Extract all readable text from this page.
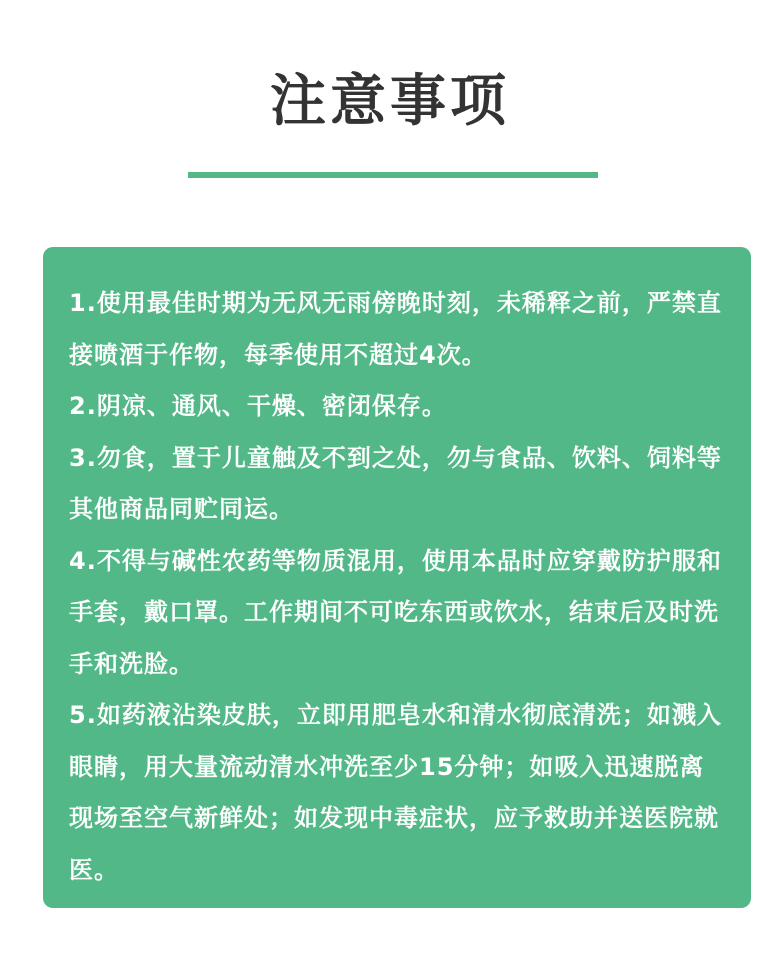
注意事项
1.使用最佳时期为无风无雨傍晚时刻，未稀释之前，严禁直接喷酒于作物，每季使用不超过4次。
2.阴凉、通风、干燥、密闭保存。
3.勿食，置于儿童触及不到之处，勿与食品、饮料、饲料等其他商品同贮同运。
4.不得与碱性农药等物质混用，使用本品时应穿戴防护服和手套，戴口罩。工作期间不可吃东西或饮水，结束后及时洗手和洗脸。
5.如药液沾染皮肤，立即用肥皂水和清水彻底清洗；如溅入眼睛，用大量流动清水冲洗至少15分钟；如吸入迅速脱离现场至空气新鲜处；如发现中毒症状，应予救助并送医院就医。
